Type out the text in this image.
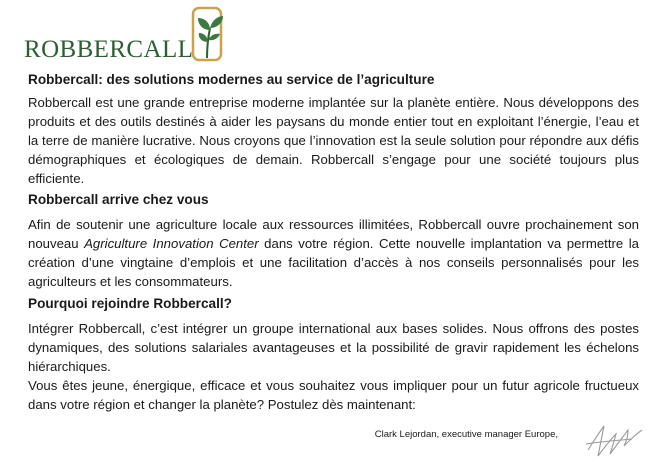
ROBBERCALL
Robbercall: des solutions modernes au service de l’agriculture

Robbercall est une grande entreprise moderne implantée sur la planète entière. Nous développons des produits et des outils destinés à aider les paysans du monde entier tout en exploitant l’énergie, l’eau et la terre de manière lucrative. Nous croyons que l’innovation est la seule solution pour répondre aux défis démographiques et écologiques de demain. Robbercall s’engage pour une société toujours plus efficiente.

Robbercall arrive chez vous

Afin de soutenir une agriculture locale aux ressources illimitées, Robbercall ouvre prochainement son nouveau Agriculture Innovation Center dans votre région. Cette nouvelle implantation va permettre la création d’une vingtaine d’emplois et une facilitation d’accès à nos conseils personnalisés pour les agriculteurs et les consommateurs.

Pourquoi rejoindre Robbercall?

Intégrer Robbercall, c’est intégrer un groupe international aux bases solides. Nous offrons des postes dynamiques, des solutions salariales avantageuses et la possibilité de gravir rapidement les échelons hiérarchiques.

Vous êtes jeune, énergique, efficace et vous souhaitez vous impliquer pour un futur agricole fructueux dans votre région et changer la planète? Postulez dès maintenant:

Clark Lejordan, executive manager Europe,
